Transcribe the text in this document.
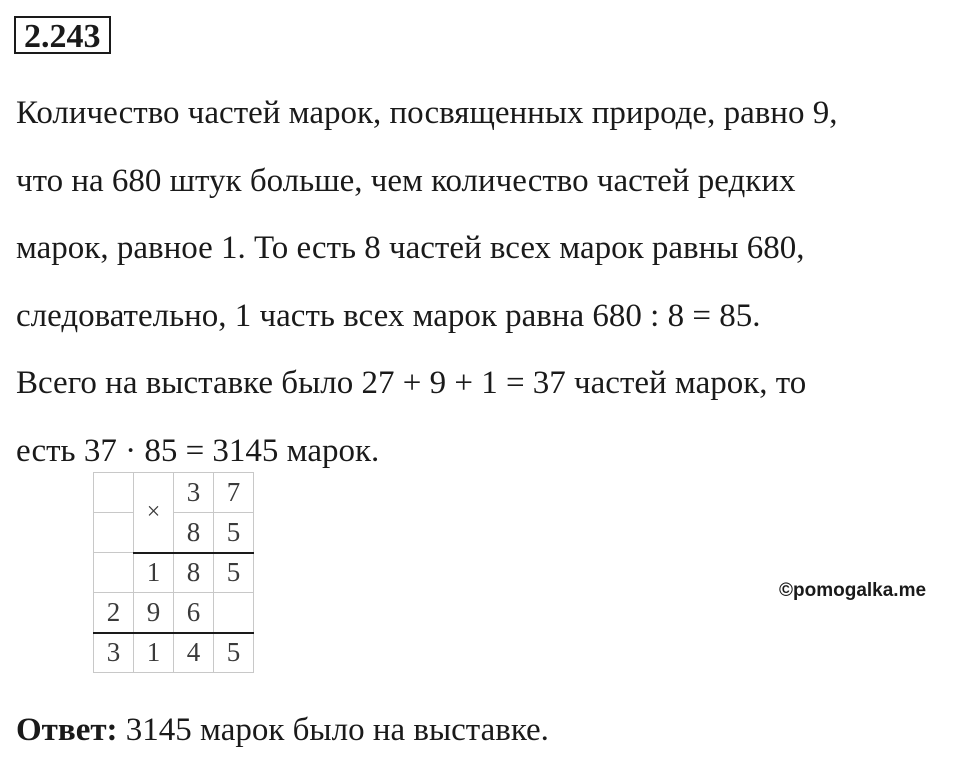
2.243
Количество частей марок, посвященных природе, равно 9,
что на 680 штук больше, чем количество частей редких
марок, равное 1. То есть 8 частей всех марок равны 680,
следовательно, 1 часть всех марок равна 680 : 8 = 85.
Всего на выставке было 27 + 9 + 1 = 37 частей марок, то
есть 37 · 85 = 3145 марок.
	×	3	7
		8	5
	1	8	5
2	9	6	
3	1	4	5
©pomogalka.me
Ответ: 3145 марок было на выставке.
